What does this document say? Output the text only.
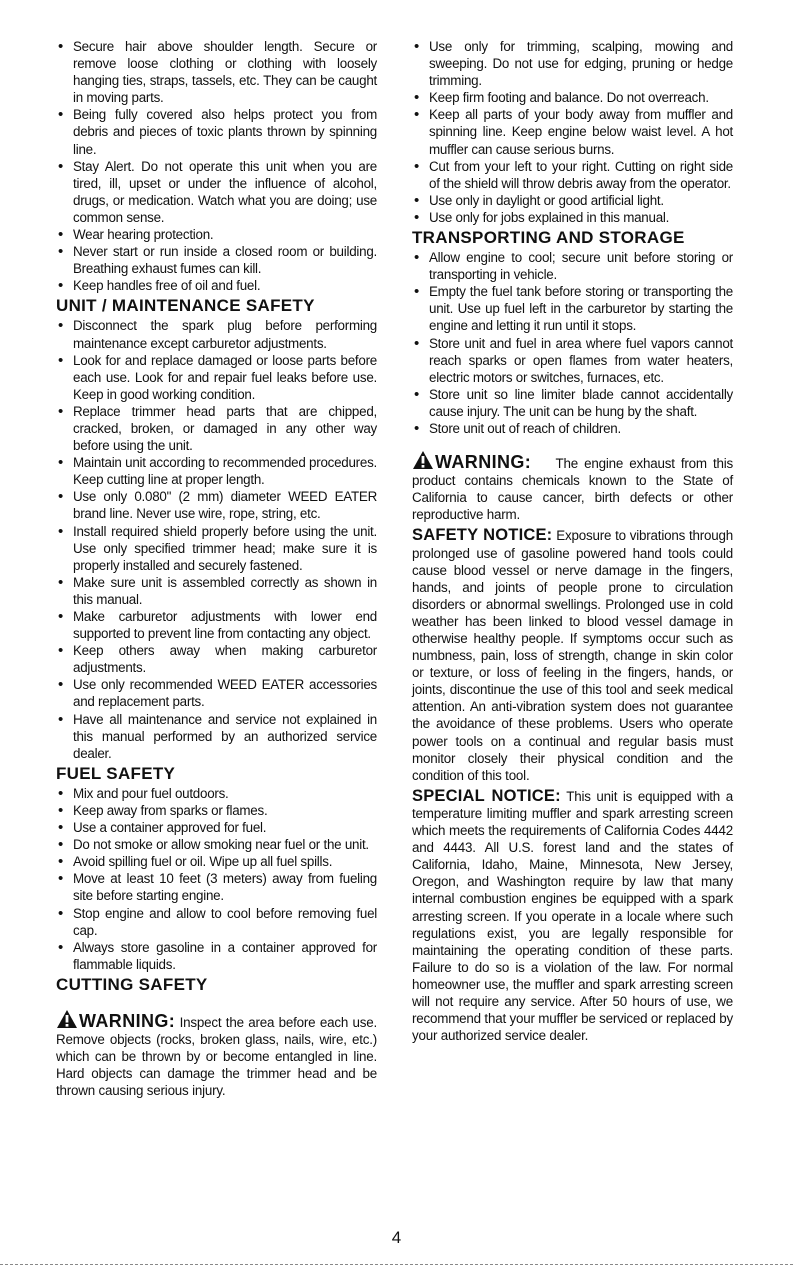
• Secure hair above shoulder length. Secure or remove loose clothing or clothing with loosely hanging ties, straps, tassels, etc. They can be caught in moving parts.
• Being fully covered also helps protect you from debris and pieces of toxic plants thrown by spinning line.
• Stay Alert. Do not operate this unit when you are tired, ill, upset or under the influence of alcohol, drugs, or medication. Watch what you are doing; use common sense.
• Wear hearing protection.
• Never start or run inside a closed room or building. Breathing exhaust fumes can kill.
• Keep handles free of oil and fuel.
UNIT / MAINTENANCE SAFETY
• Disconnect the spark plug before performing maintenance except carburetor adjustments.
• Look for and replace damaged or loose parts before each use. Look for and repair fuel leaks before use. Keep in good working condition.
• Replace trimmer head parts that are chipped, cracked, broken, or damaged in any other way before using the unit.
• Maintain unit according to recommended procedures. Keep cutting line at proper length.
• Use only 0.080" (2 mm) diameter WEED EATER brand line. Never use wire, rope, string, etc.
• Install required shield properly before using the unit. Use only specified trimmer head; make sure it is properly installed and securely fastened.
• Make sure unit is assembled correctly as shown in this manual.
• Make carburetor adjustments with lower end supported to prevent line from contacting any object.
• Keep others away when making carburetor adjustments.
• Use only recommended WEED EATER accessories and replacement parts.
• Have all maintenance and service not explained in this manual performed by an authorized service dealer.
FUEL SAFETY
• Mix and pour fuel outdoors.
• Keep away from sparks or flames.
• Use a container approved for fuel.
• Do not smoke or allow smoking near fuel or the unit.
• Avoid spilling fuel or oil. Wipe up all fuel spills.
• Move at least 10 feet (3 meters) away from fueling site before starting engine.
• Stop engine and allow to cool before removing fuel cap.
• Always store gasoline in a container approved for flammable liquids.
CUTTING SAFETY

WARNING: Inspect the area before each use. Remove objects (rocks, broken glass, nails, wire, etc.) which can be thrown by or become entangled in line. Hard objects can damage the trimmer head and be thrown causing serious injury.

• Use only for trimming, scalping, mowing and sweeping. Do not use for edging, pruning or hedge trimming.
• Keep firm footing and balance. Do not overreach.
• Keep all parts of your body away from muffler and spinning line. Keep engine below waist level. A hot muffler can cause serious burns.
• Cut from your left to your right. Cutting on right side of the shield will throw debris away from the operator.
• Use only in daylight or good artificial light.
• Use only for jobs explained in this manual.
TRANSPORTING AND STORAGE
• Allow engine to cool; secure unit before storing or transporting in vehicle.
• Empty the fuel tank before storing or transporting the unit. Use up fuel left in the carburetor by starting the engine and letting it run until it stops.
• Store unit and fuel in area where fuel vapors cannot reach sparks or open flames from water heaters, electric motors or switches, furnaces, etc.
• Store unit so line limiter blade cannot accidentally cause injury. The unit can be hung by the shaft.
• Store unit out of reach of children.

WARNING: The engine exhaust from this product contains chemicals known to the State of California to cause cancer, birth defects or other reproductive harm.

SAFETY NOTICE: Exposure to vibrations through prolonged use of gasoline powered hand tools could cause blood vessel or nerve damage in the fingers, hands, and joints of people prone to circulation disorders or abnormal swellings. Prolonged use in cold weather has been linked to blood vessel damage in otherwise healthy people. If symptoms occur such as numbness, pain, loss of strength, change in skin color or texture, or loss of feeling in the fingers, hands, or joints, discontinue the use of this tool and seek medical attention. An anti-vibration system does not guarantee the avoidance of these problems. Users who operate power tools on a continual and regular basis must monitor closely their physical condition and the condition of this tool.

SPECIAL NOTICE: This unit is equipped with a temperature limiting muffler and spark arresting screen which meets the requirements of California Codes 4442 and 4443. All U.S. forest land and the states of California, Idaho, Maine, Minnesota, New Jersey, Oregon, and Washington require by law that many internal combustion engines be equipped with a spark arresting screen. If you operate in a locale where such regulations exist, you are legally responsible for maintaining the operating condition of these parts. Failure to do so is a violation of the law. For normal homeowner use, the muffler and spark arresting screen will not require any service. After 50 hours of use, we recommend that your muffler be serviced or replaced by your authorized service dealer.

4
